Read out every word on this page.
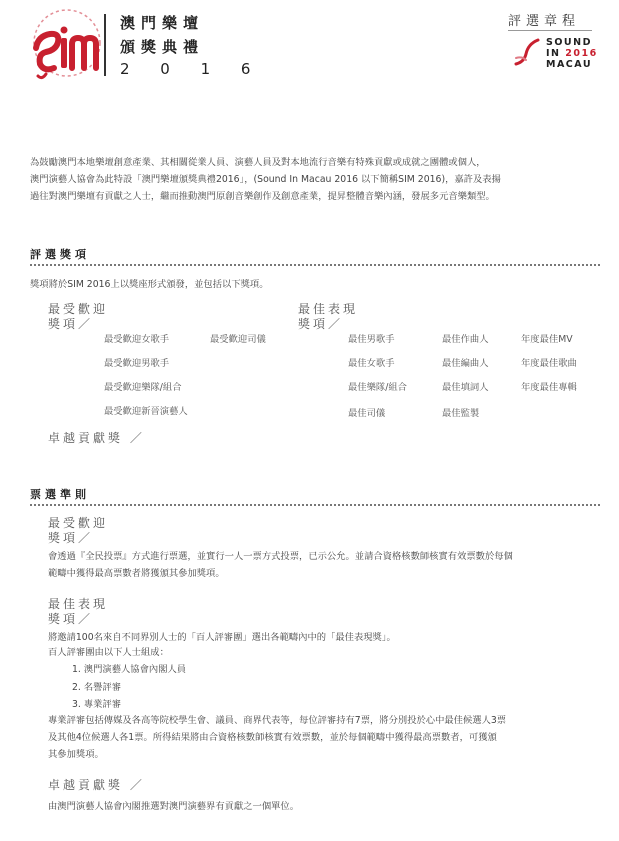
澳門樂壇
頒獎典禮
2 0 1 6
評選章程
SOUND
IN 2016
MACAU
為鼓勵澳門本地樂壇創意產業、其相關從業人員、演藝人員及對本地流行音樂有特殊貢獻或成就之團體或個人，
澳門演藝人協會為此特設「澳門樂壇頒獎典禮2016」，(Sound In Macau 2016 以下簡稱SIM 2016)，嘉許及表揚
過往對澳門樂壇有貢獻之人士，繼而推動澳門原創音樂創作及創意產業，提昇整體音樂內涵，發展多元音樂類型。
評選獎項
獎項將於SIM 2016上以獎座形式頒發，並包括以下獎項。
最受歡迎
獎項／
最受歡迎女歌手	最受歡迎司儀
最受歡迎男歌手
最受歡迎樂隊/組合
最受歡迎新晉演藝人
最佳表現
獎項／
最佳男歌手
最佳女歌手
最佳樂隊/組合
最佳司儀
最佳作曲人
最佳編曲人
最佳填詞人
最佳監製
年度最佳MV
年度最佳歌曲
年度最佳專輯
卓越貢獻獎 ／
票選準則
最受歡迎
獎項／
會透過『全民投票』方式進行票選，並實行一人一票方式投票，已示公允。並請合資格核數師核實有效票數於每個
範疇中獲得最高票數者將獲頒其參加獎項。
最佳表現
獎項／
將邀請100名來自不同界別人士的「百人評審團」選出各範疇內中的「最佳表現獎」。
百人評審團由以下人士組成：
1. 澳門演藝人協會內閣人員
2. 名譽評審
3. 專業評審
專業評審包括傳媒及各高等院校學生會、議員、商界代表等，每位評審持有7票，將分別投於心中最佳候選人3票
及其他4位候選人各1票。所得結果將由合資格核數師核實有效票數，並於每個範疇中獲得最高票數者，可獲頒
其參加獎項。
卓越貢獻獎 ／
由澳門演藝人協會內閣推選對澳門演藝界有貢獻之一個單位。
